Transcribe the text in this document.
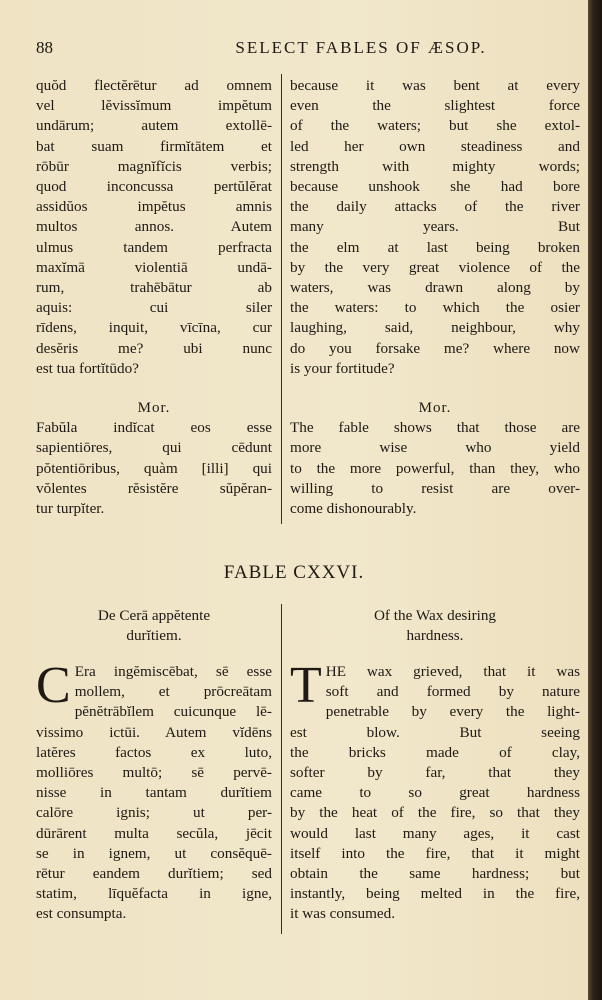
88	SELECT FABLES OF ÆSOP.
quŏd flectĕrētur ad omnem
vel lĕvissĭmum impĕtum
undārum; autem extollē-
bat suam firmĭtātem et
rōbūr magnĭfĭcis verbis;
quod inconcussa pertŭlĕrat
assidŭos impĕtus amnis
multos annos. Autem
ulmus tandem perfracta
maxĭmā violentiā undā-
rum, trahēbātur ab
aquis: cui siler
rīdens, inquit, vīcīna, cur
desĕris me? ubi nunc
est tua fortĭtūdo?
because it was bent at every
even the slightest force
of the waters; but she extol-
led her own steadiness and
strength with mighty words;
because unshook she had bore
the daily attacks of the river
many years. But
the elm at last being broken
by the very great violence of the
waters, was drawn along by
the waters: to which the osier
laughing, said, neighbour, why
do you forsake me? where now
is your fortitude?
Mor.
Fabŭla indĭcat eos esse
sapientiōres, qui cēdunt
pŏtentiōribus, quàm [illi] qui
vŏlentes rĕsistĕre sŭpĕran-
tur turpĭter.
Mor.
The fable shows that those are
more wise who yield
to the more powerful, than they, who
willing to resist are over-
come dishonourably.
FABLE CXXVI.
De Cerā appĕtente
durĭtiem.
Of the Wax desiring
hardness.
C Era ingĕmiscēbat, sē esse
mollem, et prōcreātam
pĕnĕtrābĭlem cuicunque lē-
vissimo ictūi. Autem vĭdēns
latĕres factos ex luto,
molliōres multō; sē pervē-
nisse in tantam durĭtiem
calōre ignis; ut per-
dūrārent multa secŭla, jēcit
se in ignem, ut consĕquē-
rētur eandem durĭtiem; sed
statim, līquĕfacta in igne,
est consumpta.
T HE wax grieved, that it was
soft and formed by nature
penetrable by every the light-
est blow. But seeing
the bricks made of clay,
softer by far, that they
came to so great hardness
by the heat of the fire, so that they
would last many ages, it cast
itself into the fire, that it might
obtain the same hardness; but
instantly, being melted in the fire,
it was consumed.
